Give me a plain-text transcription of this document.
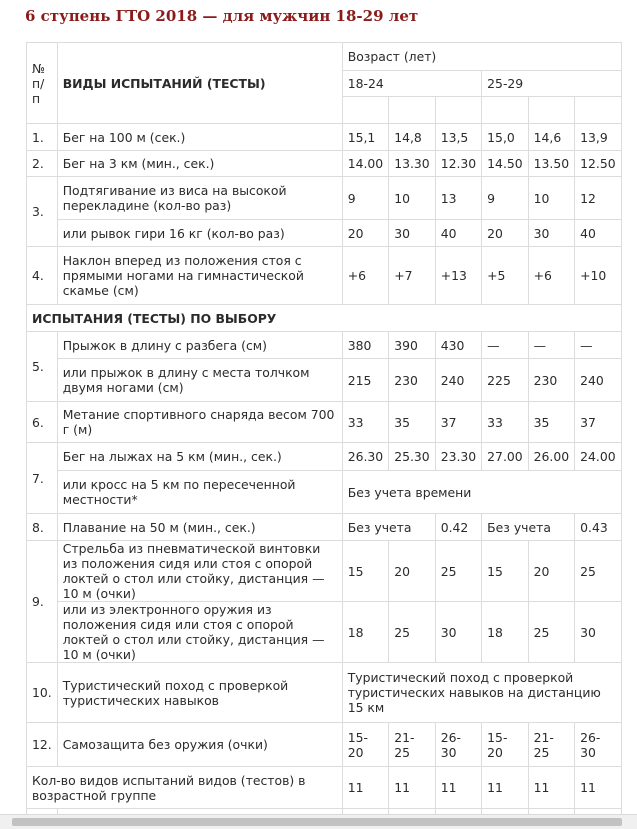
6 ступень ГТО 2018 — для мужчин 18-29 лет
№ п/п	ВИДЫ ИСПЫТАНИЙ (ТЕСТЫ)	Возраст (лет)					
		18-24			25-29		

1.	Бег на 100 м (сек.)	15,1	14,8	13,5	15,0	14,6	13,9
2.	Бег на 3 км (мин., сек.)	14.00	13.30	12.30	14.50	13.50	12.50
3.	Подтягивание из виса на высокой перекладине (кол-во раз)	9	10	13	9	10	12
	или рывок гири 16 кг (кол-во раз)	20	30	40	20	30	40
4.	Наклон вперед из положения стоя с прямыми ногами на гимнастической скамье (см)	+6	+7	+13	+5	+6	+10
ИСПЫТАНИЯ (ТЕСТЫ) ПО ВЫБОРУ							
5.	Прыжок в длину с разбега (см)	380	390	430	—	—	—
	или прыжок в длину с места толчком двумя ногами (см)	215	230	240	225	230	240
6.	Метание спортивного снаряда весом 700 г (м)	33	35	37	33	35	37
7.	Бег на лыжах на 5 км (мин., сек.)	26.30	25.30	23.30	27.00	26.00	24.00
	или кросс на 5 км по пересеченной местности*	Без учета времени					
8.	Плавание на 50 м (мин., сек.)	Без учета		0.42	Без учета		0.43
9.	Стрельба из пневматической винтовки из положения сидя или стоя с опорой локтей о стол или стойку, дистанция — 10 м (очки)	15	20	25	15	20	25
	или из электронного оружия из положения сидя или стоя с опорой локтей о стол или стойку, дистанция — 10 м (очки)	18	25	30	18	25	30
10.	Туристический поход с проверкой туристических навыков	Туристический поход с проверкой туристических навыков на дистанцию 15 км					
12.	Самозащита без оружия (очки)	15-20	21-25	26-30	15-20	21-25	26-30
Кол-во видов испытаний видов (тестов) в возрастной группе		11	11	11	11	11	11
